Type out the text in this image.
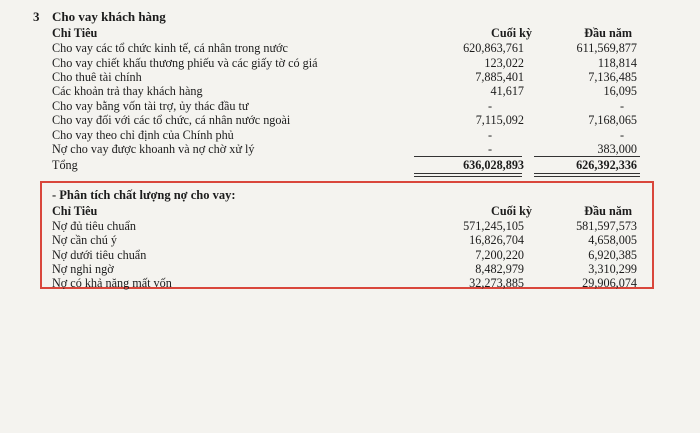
3 Cho vay khách hàng
Chỉ Tiêu	Cuối kỳ	Đầu năm
Cho vay các tổ chức kinh tế, cá nhân trong nước	620,863,761	611,569,877
Cho vay chiết khấu thương phiếu và các giấy tờ có giá	123,022	118,814
Cho thuê tài chính	7,885,401	7,136,485
Các khoản trả thay khách hàng	41,617	16,095
Cho vay bằng vốn tài trợ, ủy thác đầu tư	-	-
Cho vay đối với các tổ chức, cá nhân nước ngoài	7,115,092	7,168,065
Cho vay theo chỉ định của Chính phủ	-	-
Nợ cho vay được khoanh và nợ chờ xử lý	-	383,000
Tổng	636,028,893	626,392,336
- Phân tích chất lượng nợ cho vay:
Chỉ Tiêu	Cuối kỳ	Đầu năm
Nợ đủ tiêu chuẩn	571,245,105	581,597,573
Nợ cần chú ý	16,826,704	4,658,005
Nợ dưới tiêu chuẩn	7,200,220	6,920,385
Nợ nghi ngờ	8,482,979	3,310,299
Nợ có khả năng mất vốn	32,273,885	29,906,074
